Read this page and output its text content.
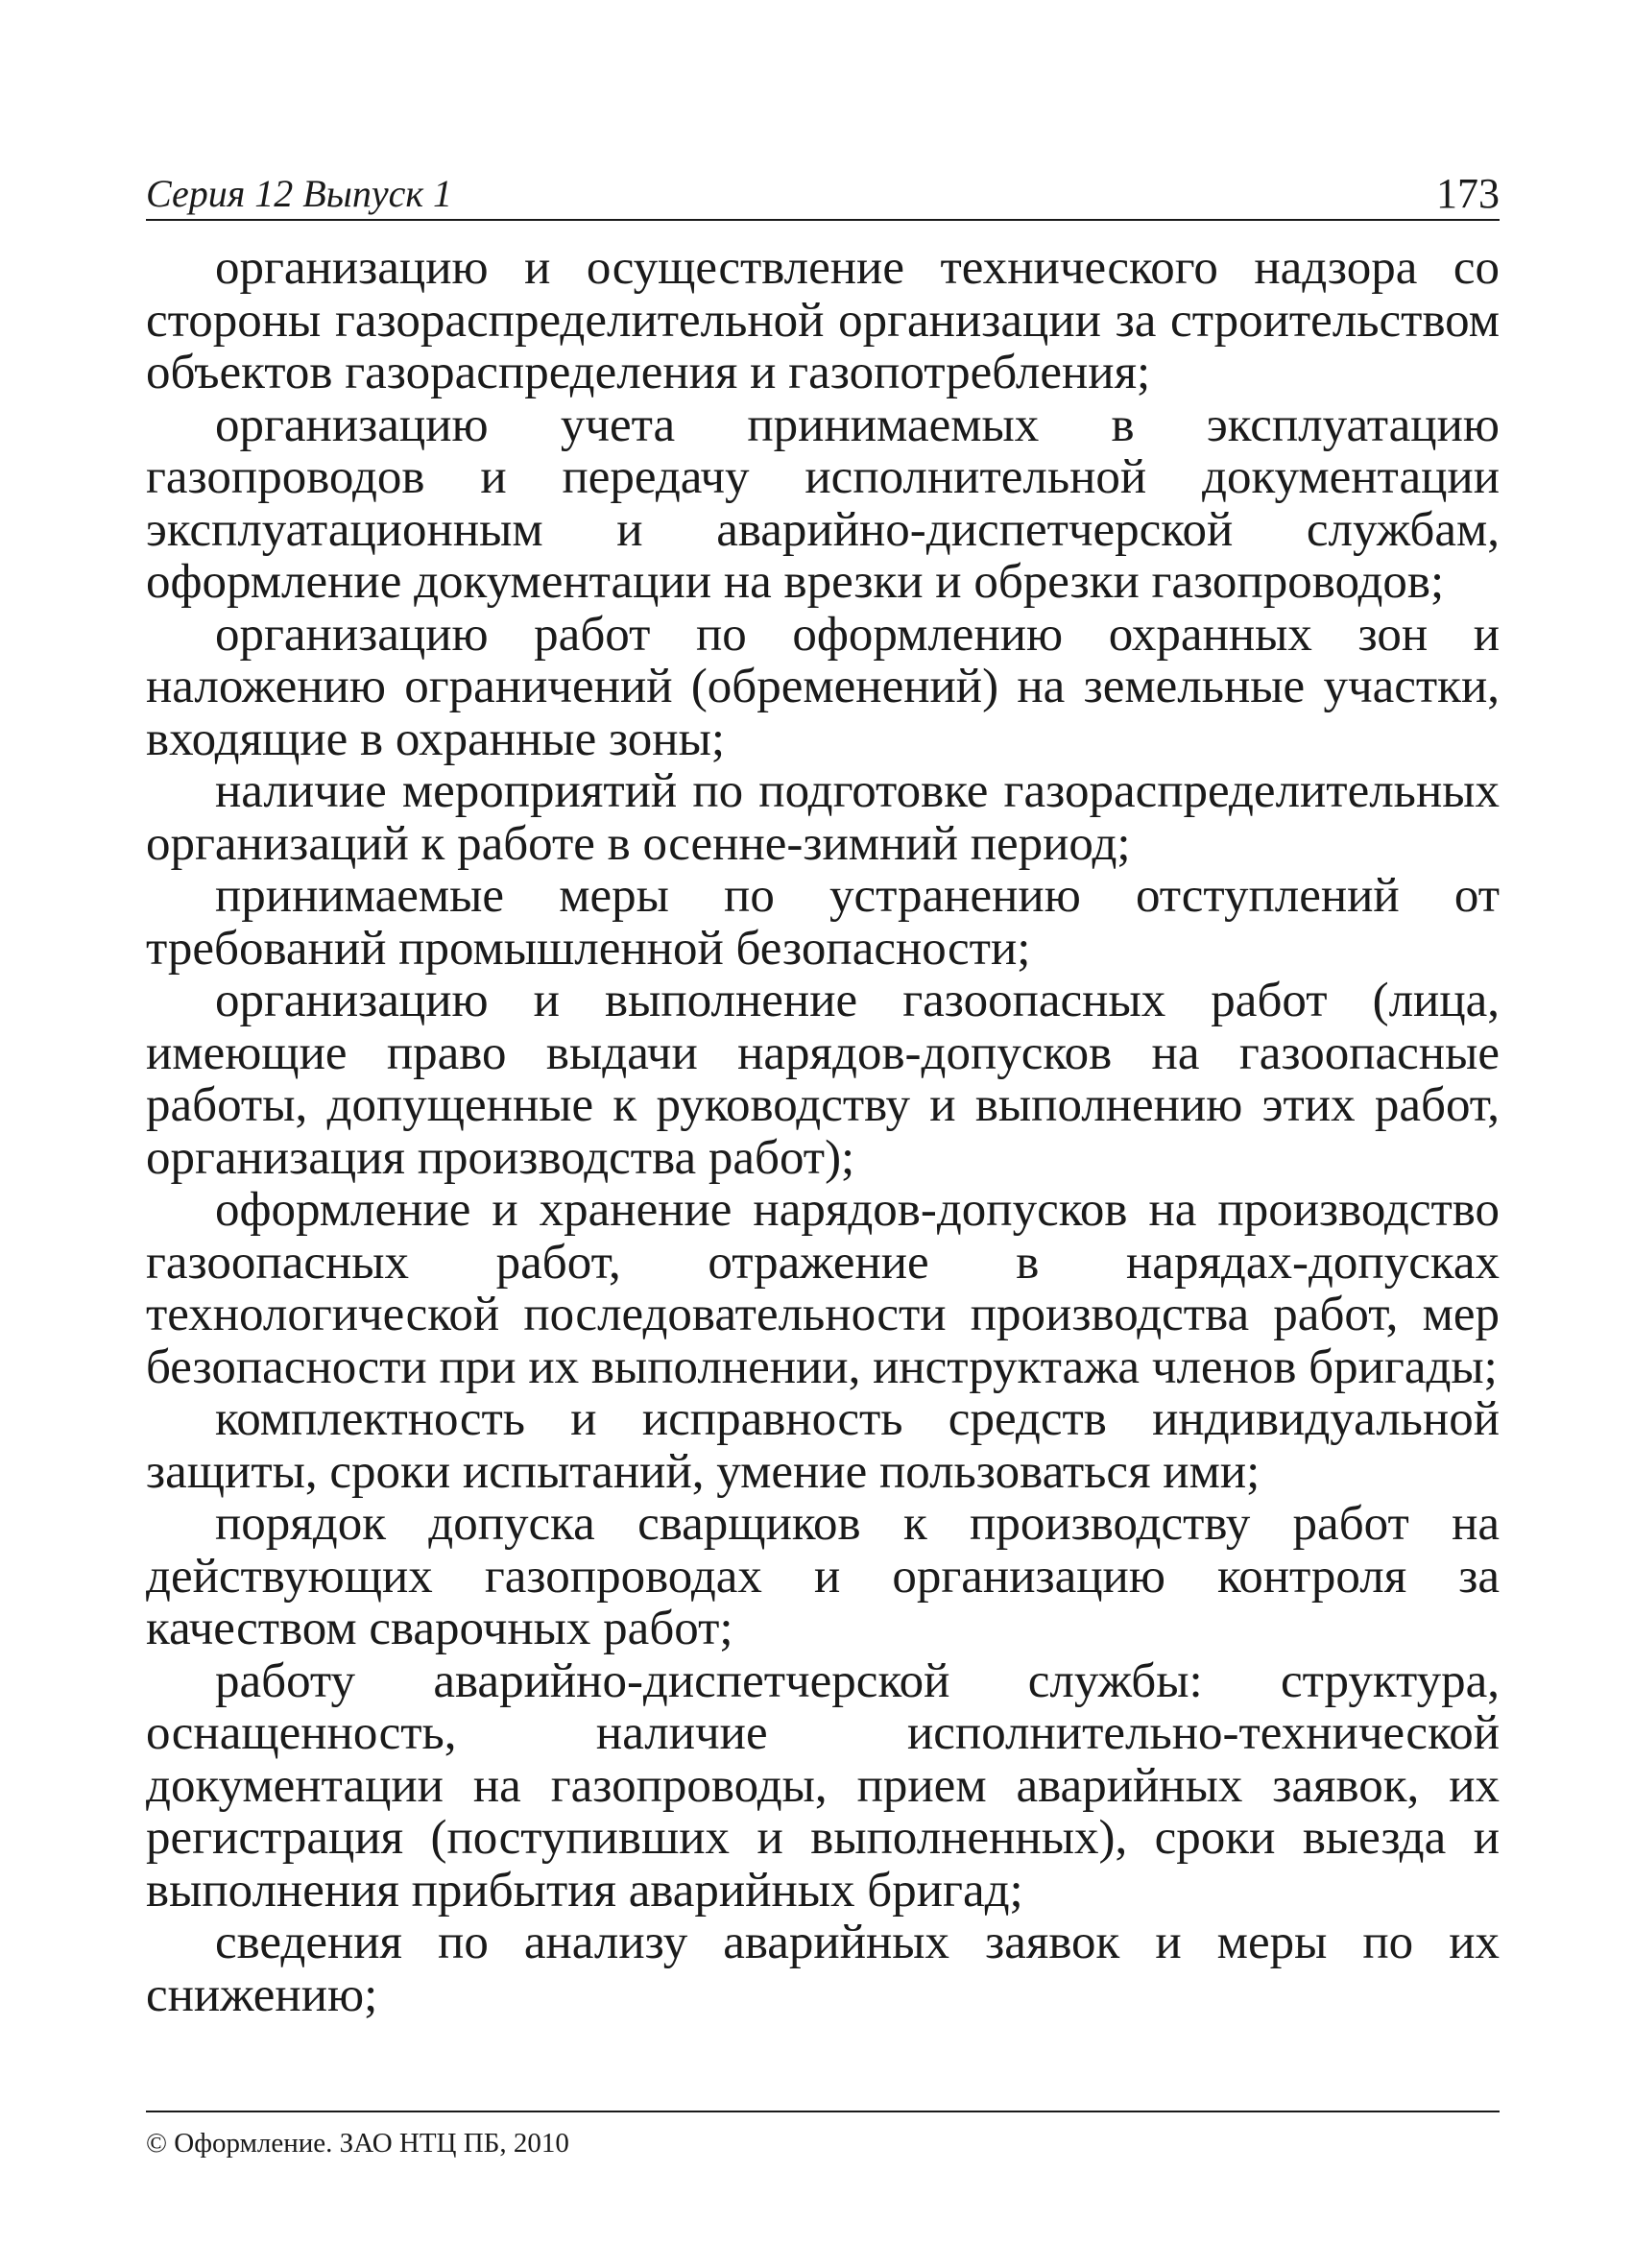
Серия 12 Выпуск 1	173

организацию и осуществление технического надзора со стороны газораспределительной организации за строительством объектов газораспределения и газопотребления;

организацию учета принимаемых в эксплуатацию газопроводов и передачу исполнительной документации эксплуатационным и аварийно-диспетчерской службам, оформление документации на врезки и обрезки газопроводов;

организацию работ по оформлению охранных зон и наложению ограничений (обременений) на земельные участки, входящие в охранные зоны;

наличие мероприятий по подготовке газораспределительных организаций к работе в осенне-зимний период;

принимаемые меры по устранению отступлений от требований промышленной безопасности;

организацию и выполнение газоопасных работ (лица, имеющие право выдачи нарядов-допусков на газоопасные работы, допущенные к руководству и выполнению этих работ, организация производства работ);

оформление и хранение нарядов-допусков на производство газоопасных работ, отражение в нарядах-допусках технологической последовательности производства работ, мер безопасности при их выполнении, инструктажа членов бригады;

комплектность и исправность средств индивидуальной защиты, сроки испытаний, умение пользоваться ими;

порядок допуска сварщиков к производству работ на действующих газопроводах и организацию контроля за качеством сварочных работ;

работу аварийно-диспетчерской службы: структура, оснащенность, наличие исполнительно-технической документации на газопроводы, прием аварийных заявок, их регистрация (поступивших и выполненных), сроки выезда и выполнения прибытия аварийных бригад;

сведения по анализу аварийных заявок и меры по их снижению;

© Оформление. ЗАО НТЦ ПБ, 2010
